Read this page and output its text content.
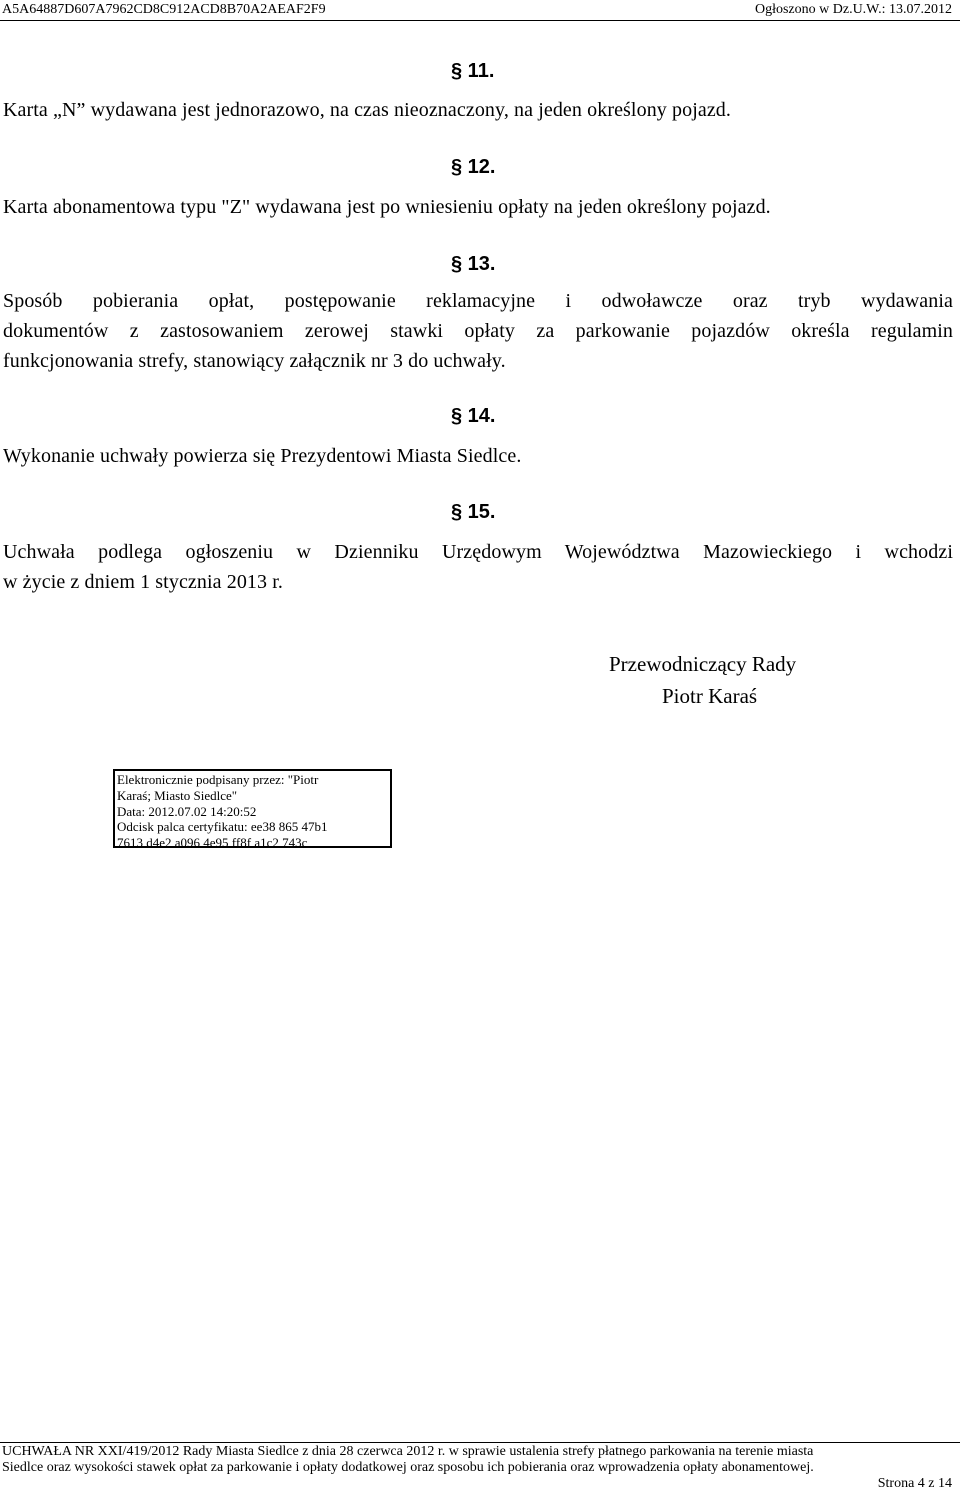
A5A64887D607A7962CD8C912ACD8B70A2AEAF2F9	Ogłoszono w Dz.U.W.: 13.07.2012
§ 11.
Karta „N” wydawana jest jednorazowo, na czas nieoznaczony, na jeden określony pojazd.
§ 12.
Karta abonamentowa typu "Z" wydawana jest po wniesieniu opłaty na jeden określony pojazd.
§ 13.
Sposób pobierania opłat, postępowanie reklamacyjne i odwoławcze oraz tryb wydawania
dokumentów z zastosowaniem zerowej stawki opłaty za parkowanie pojazdów określa regulamin
funkcjonowania strefy, stanowiący załącznik nr 3 do uchwały.
§ 14.
Wykonanie uchwały powierza się Prezydentowi Miasta Siedlce.
§ 15.
Uchwała podlega ogłoszeniu w Dzienniku Urzędowym Województwa Mazowieckiego i wchodzi
w życie z dniem 1 stycznia 2013 r.
Przewodniczący Rady
Piotr Karaś
Elektronicznie podpisany przez: "Piotr
Karaś; Miasto Siedlce"
Data: 2012.07.02 14:20:52
Odcisk palca certyfikatu: ee38 865 47b1
7613 d4e2 a096 4e95 ff8f a1c2 743c
UCHWAŁA NR XXI/419/2012 Rady Miasta Siedlce z dnia 28 czerwca 2012 r. w sprawie ustalenia strefy płatnego parkowania na terenie miasta
Siedlce oraz wysokości stawek opłat za parkowanie i opłaty dodatkowej oraz sposobu ich pobierania oraz wprowadzenia opłaty abonamentowej.
Strona 4 z 14
